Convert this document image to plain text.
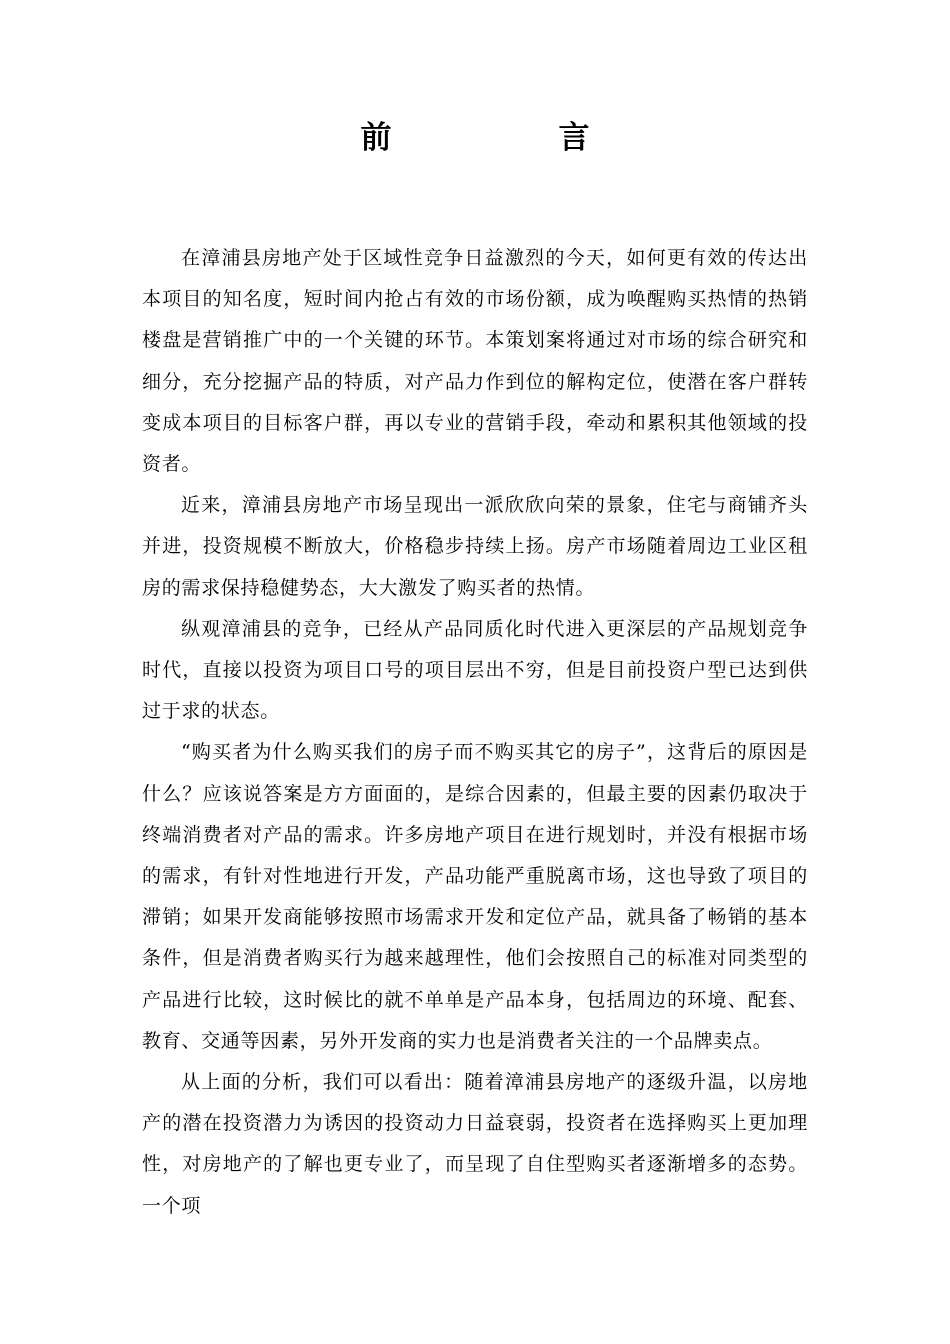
前　言

在漳浦县房地产处于区域性竞争日益激烈的今天，如何更有效的传达出本项目的知名度，短时间内抢占有效的市场份额，成为唤醒购买热情的热销楼盘是营销推广中的一个关键的环节。本策划案将通过对市场的综合研究和细分，充分挖掘产品的特质，对产品力作到位的解构定位，使潜在客户群转变成本项目的目标客户群，再以专业的营销手段，牵动和累积其他领域的投资者。

近来，漳浦县房地产市场呈现出一派欣欣向荣的景象，住宅与商铺齐头并进，投资规模不断放大，价格稳步持续上扬。房产市场随着周边工业区租房的需求保持稳健势态，大大激发了购买者的热情。

纵观漳浦县的竞争，已经从产品同质化时代进入更深层的产品规划竞争时代，直接以投资为项目口号的项目层出不穷，但是目前投资户型已达到供过于求的状态。

“购买者为什么购买我们的房子而不购买其它的房子”，这背后的原因是什么？应该说答案是方方面面的，是综合因素的，但最主要的因素仍取决于终端消费者对产品的需求。许多房地产项目在进行规划时，并没有根据市场的需求，有针对性地进行开发，产品功能严重脱离市场，这也导致了项目的滞销；如果开发商能够按照市场需求开发和定位产品，就具备了畅销的基本条件，但是消费者购买行为越来越理性，他们会按照自己的标准对同类型的产品进行比较，这时候比的就不单单是产品本身，包括周边的环境、配套、教育、交通等因素，另外开发商的实力也是消费者关注的一个品牌卖点。

从上面的分析，我们可以看出：随着漳浦县房地产的逐级升温，以房地产的潜在投资潜力为诱因的投资动力日益衰弱，投资者在选择购买上更加理性，对房地产的了解也更专业了，而呈现了自住型购买者逐渐增多的态势。一个项
